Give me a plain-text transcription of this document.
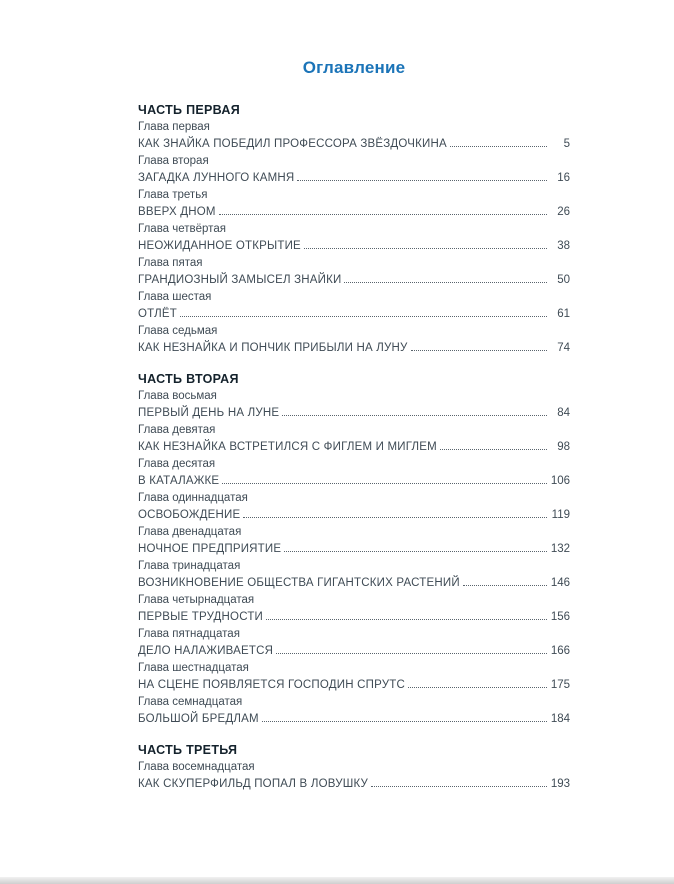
Оглавление
ЧАСТЬ ПЕРВАЯ
Глава первая
КАК ЗНАЙКА ПОБЕДИЛ ПРОФЕССОРА ЗВЁЗДОЧКИНА	5
Глава вторая
ЗАГАДКА ЛУННОГО КАМНЯ	16
Глава третья
ВВЕРХ ДНОМ	26
Глава четвёртая
НЕОЖИДАННОЕ ОТКРЫТИЕ	38
Глава пятая
ГРАНДИОЗНЫЙ ЗАМЫСЕЛ ЗНАЙКИ	50
Глава шестая
ОТЛЁТ	61
Глава седьмая
КАК НЕЗНАЙКА И ПОНЧИК ПРИБЫЛИ НА ЛУНУ	74
ЧАСТЬ ВТОРАЯ
Глава восьмая
ПЕРВЫЙ ДЕНЬ НА ЛУНЕ	84
Глава девятая
КАК НЕЗНАЙКА ВСТРЕТИЛСЯ С ФИГЛЕМ И МИГЛЕМ	98
Глава десятая
В КАТАЛАЖКЕ	106
Глава одиннадцатая
ОСВОБОЖДЕНИЕ	119
Глава двенадцатая
НОЧНОЕ ПРЕДПРИЯТИЕ	132
Глава тринадцатая
ВОЗНИКНОВЕНИЕ ОБЩЕСТВА ГИГАНТСКИХ РАСТЕНИЙ	146
Глава четырнадцатая
ПЕРВЫЕ ТРУДНОСТИ	156
Глава пятнадцатая
ДЕЛО НАЛАЖИВАЕТСЯ	166
Глава шестнадцатая
НА СЦЕНЕ ПОЯВЛЯЕТСЯ ГОСПОДИН СПРУТС	175
Глава семнадцатая
БОЛЬШОЙ БРЕДЛАМ	184
ЧАСТЬ ТРЕТЬЯ
Глава восемнадцатая
КАК СКУПЕРФИЛЬД ПОПАЛ В ЛОВУШКУ	193
